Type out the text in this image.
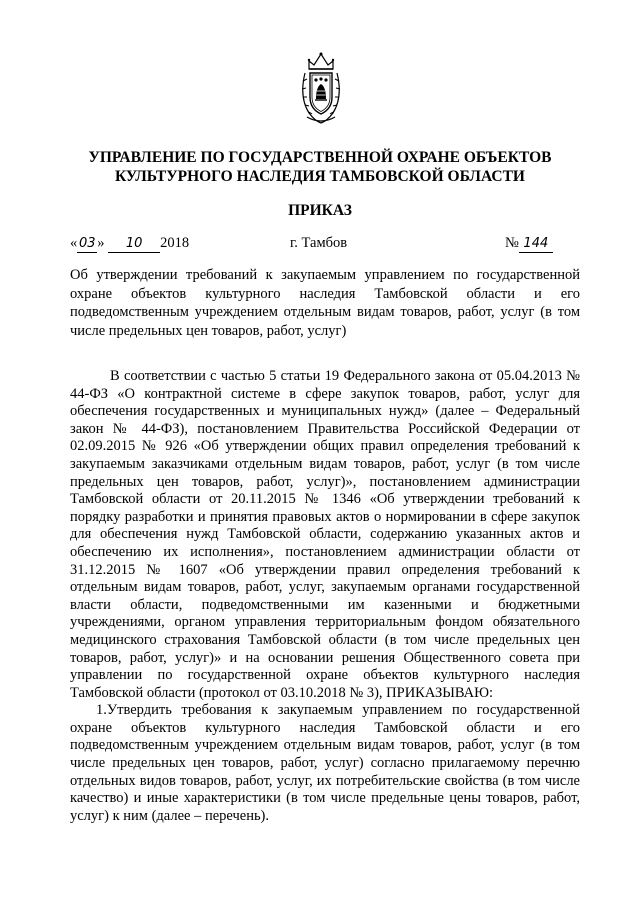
УПРАВЛЕНИЕ ПО ГОСУДАРСТВЕННОЙ ОХРАНЕ ОБЪЕКТОВ
КУЛЬТУРНОГО НАСЛЕДИЯ ТАМБОВСКОЙ ОБЛАСТИ
ПРИКАЗ
« 03 » 10 2018	г. Тамбов	№ 144
Об утверждении требований к закупаемым управлением по государственной охране объектов культурного наследия Тамбовской области и его подведомственным учреждением отдельным видам товаров, работ, услуг (в том числе предельных цен товаров, работ, услуг)

В соответствии с частью 5 статьи 19 Федерального закона от 05.04.2013 № 44-ФЗ «О контрактной системе в сфере закупок товаров, работ, услуг для обеспечения государственных и муниципальных нужд» (далее – Федеральный закон № 44-ФЗ), постановлением Правительства Российской Федерации от 02.09.2015 № 926 «Об утверждении общих правил определения требований к закупаемым заказчиками отдельным видам товаров, работ, услуг (в том числе предельных цен товаров, работ, услуг)», постановлением администрации Тамбовской области от 20.11.2015 № 1346 «Об утверждении требований к порядку разработки и принятия правовых актов о нормировании в сфере закупок для обеспечения нужд Тамбовской области, содержанию указанных актов и обеспечению их исполнения», постановлением администрации области от 31.12.2015 № 1607 «Об утверждении правил определения требований к отдельным видам товаров, работ, услуг, закупаемым органами государственной власти области, подведомственными им казенными и бюджетными учреждениями, органом управления территориальным фондом обязательного медицинского страхования Тамбовской области (в том числе предельных цен товаров, работ, услуг)» и на основании решения Общественного совета при управлении по государственной охране объектов культурного наследия Тамбовской области (протокол от 03.10.2018 № 3), ПРИКАЗЫВАЮ:

1.Утвердить требования к закупаемым управлением по государственной охране объектов культурного наследия Тамбовской области и его подведомственным учреждением отдельным видам товаров, работ, услуг (в том числе предельных цен товаров, работ, услуг) согласно прилагаемому перечню отдельных видов товаров, работ, услуг, их потребительские свойства (в том числе качество) и иные характеристики (в том числе предельные цены товаров, работ, услуг) к ним (далее – перечень).
